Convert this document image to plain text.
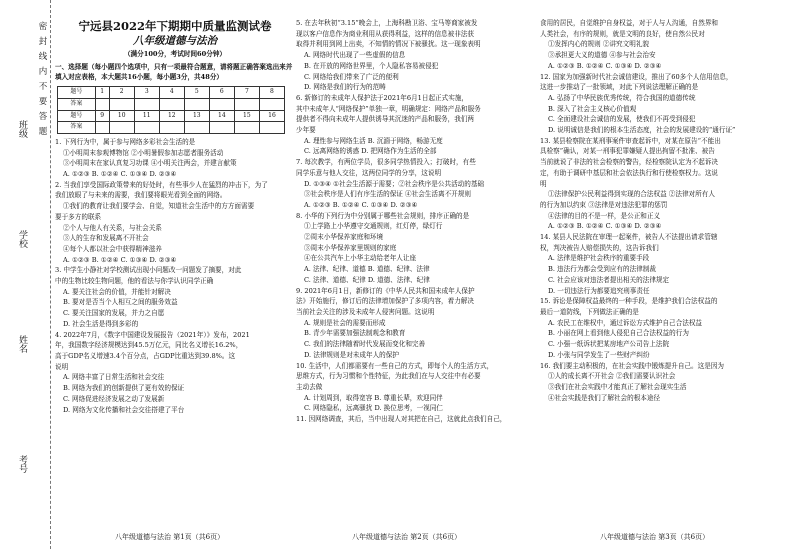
考号
姓名
学校
班级
密
封
线
内
不
要
答
题
宁远县2022年下期期中质量监测试卷
八年级道德与法治
（满分100分，考试时间60分钟）
一、选择题（每小题四个选项中，只有一项最符合题意，请将题正确答案选出来并填入对应表格，本大题共16小题，每小题3分，共48分）
题号	1	2	3	4	5	6	7	8
答案								
题号	9	10	11	12	13	14	15	16
答案								
1. 下列行为中，属于参与网络多彩社会生活的是
①小明周末参观博物馆 ②小明暑假参加志愿者服务活动
③小明周末在家认真复习功课 ④小明关注两会，并建言献策
A. ①②③ B. ①②④ C. ①③④ D. ②③④
2. 当我们享受国际政策带来的好处时，有些事少人在猛烈的冲击下，为了
我们放眼了与未来的需要，我们要将眼光看到全面的网络。
①我们的教育让我们要学会、自觉，知道社会生活中的方方面需要
要于多方的联系
②个人与他人有关系，与社会关系
③人的生存和发展离不开社会
④每个人都以社会中获得精神滋养
A. ①②③ B. ①②④ C. ①③④ D. ②③④
3. 中学生小静社对学校测试出现小问题改一问题发了摘要，对此
中的生物比较生物问题，他的看法与你学认识同学正确
A. 要关注社会的价值，并能针对解决
B. 要对是否当个人相互之间的服务效益
C. 要关注国家的发展，并力之自愿
D. 社会生活是得到多彩的
4. 2022年7月，《数字中国建设发展报告（2021年）》发布，2021
年，我国数字经济规模达到45.5万亿元，同比名义增长16.2%，
高于GDP名义增速3.4个百分点，占GDP比重达到39.8%。这
说明
A. 网络丰富了日常生活和社会交往
B. 网络为我们的创新提供了更有效的保证
C. 网络促进经济发展之动了发展新
D. 网络为文化传播和社会交往搭建了平台
5. 在去年秋初“3.15”晚会上，上海科勘卫浴、宝马等商家被发
现以客户信息作为商业利用从获得利益，这样的信息被非法获
取得并利用到网上出卖，不知情的情况下被骚扰。这一现象表明
A. 网络时代出现了一些虚假的信息
B. 在开放的网络世界里，个人隐私容易被侵犯
C. 网络给我们带来了广泛的便利
D. 网络是我们的行为的范畴
6. 新修订的未成年人保护法于2021年6月1日起正式实施，
其中未成年人“网络保护”单独一章，明确规定：网络产品和服务
提供者不得向未成年人提供诱导其沉迷的产品和服务，我们两
少年要
A. 理性参与网络生活 B. 沉湎于网络，畅游无度
C. 远离网络的诱惑 D. 把网络作为生活的全部
7. 每次教学，有两位学员，很多同学热情投入；打破时，有些
同学乐意与他人交往，这两位同学的分享，这说明
D. ①③④ ①社会生活源于需要；②社会秩序是公共活动的基础
③社会秩序是人们有序生活的保证 ④社会生活离不开规则
A. ①②③ B. ①②④ C. ①③④ D. ②③④
8. 小华的下列行为中分别属于哪些社会规则，排序正确的是
①上学路上小华遵守交通规则，红灯停，绿灯行
②周末小华保养家庭和环境
③周末小华保养家里规则的家庭
④在公共汽车上小华主动给老年人让座
A. 法律、纪律、道德 B. 道德、纪律、法律
C. 法律、道德、纪律 D. 道德、法律、纪律
9. 2021年6月1日，新修订的《中华人民共和国未成年人保护
法》开始施行，修订后的法律增加保护了多项内容，着力解决
当前社会关注的涉及未成年人侵害问题。这说明
A. 规则是社会的需要而形成
B. 青少年需要加强法制观念和教育
C. 我们的法律随着时代发展而变化和完善
D. 法律规则是对未成年人的保护
10. 生活中，人们都需要有一些自己的方式，即每个人的生活方式，
思维方式，行为习惯和个性特征，为此我们在与人交往中有必要
主动去做
A. 计划周到，取得宽容 B. 尊重长辈，欢迎同伴
C. 网络隐私，远离骚扰 D. 换位思考，一视同仁
11. 因网络调查，其后，当中出现人对其把在自己，这就此点我们自己，
食用的居民，自觉维护自身权益，对于人与人沟通，自然界和
人类社会，有序的规则，就是文明的良好，使自然公民对
①发挥内心的规则 ②讲究文明礼貌
③承担更大义的道德 ④参与社会治安
A. ①②③ B. ①②④ C. ①③④ D. ②③④
12. 国家为加强新时代社会诚信建设，推出了60多个人信用信息，
这进一步推动了一批领域，对此下列说法理解正确的是
A. 弘扬了中华民族优秀传统，符合我国的道德传统
B. 深入了社会主义核心价值观
C. 全面建设社会诚信的发展，使我们不再受到侵犯
D. 说明诚信是我们的根本生活态度，社会的发展建设的“通行证”
13. 某县检察院在某刑事案件审查起诉中，对某在原告“不能出
具检察”确认，对某一刑事犯罪嫌疑人提出拘留不批准、被告
当前就说了非法的社会检察的警告，经检察院认定为不起诉决
定，有助于调研中基层和社会依法执行和行使检察权力。这说
明
①法律保护公民利益得到实现的合法权益 ②法律对所有人
的行为加以约束 ③法律是对违法犯罪的惩罚
④法律的目的不是一样，是公正和正义
A. ①②③ B. ①②④ C. ①③④ D. ②③④
14. 某县人民法院在审理一起案件，被告人不法提出请求管辖
权，判决被告人赔偿损失的，这告诉我们
A. 法律是维护社会秩序的重要手段
B. 违法行为都会受到应有的法律制裁
C. 社会应该对违法者提出相关的法律规定
D. 一切违法行为都要追究刑事责任
15. 诉讼是保障权益最终的一种手段，是维护我们合法权益的
最后一道防线，下列做法正确的是
A. 农民工在维权中，通过诉讼方式维护自己合法权益
B. 小丽在网上看到他人侵犯自己合法权益的行为
C. 小强一纸诉状把某房地产公司告上法院
D. 小张与同学发生了一些财产纠纷
16. 我们要主动积极的，在社会实践中锻炼提升自己。这是因为
①人的成长离不开社会 ②我们需要认识社会
③我们在社会实践中才能真正了解社会现实生活
④社会实践是我们了解社会的根本途径
八年级道德与法治 第1页（共6页）	八年级道德与法治 第2页（共6页）	八年级道德与法治 第3页（共6页）
